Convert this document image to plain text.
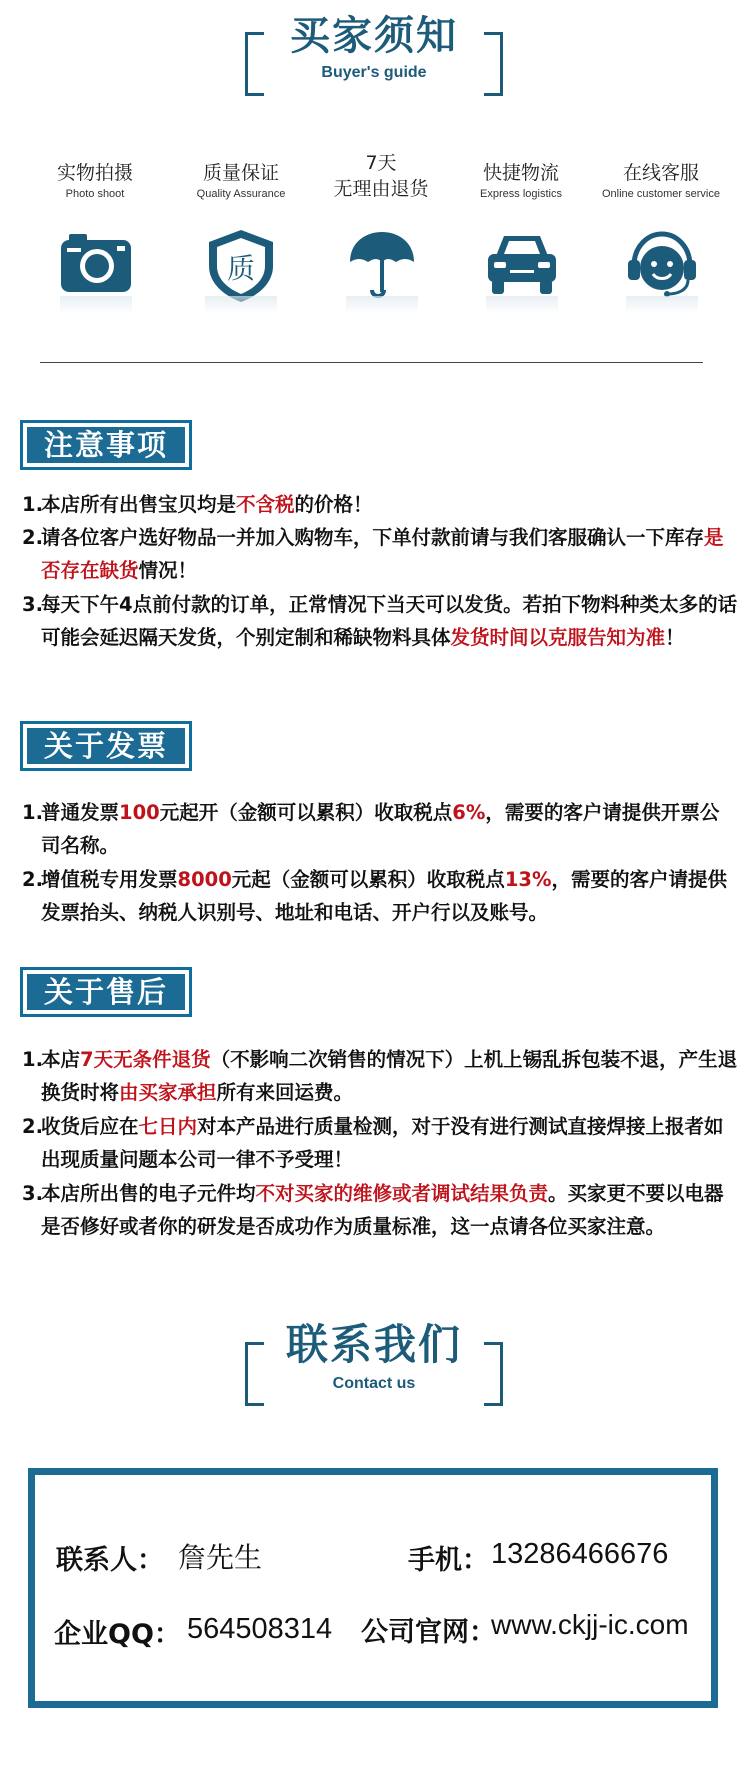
买家须知
Buyer's guide
实物拍摄
Photo shoot
质量保证
Quality Assurance
7天
无理由退货
快捷物流
Express logistics
在线客服
Online customer service
质
注意事项
1.
本店所有出售宝贝均是不含税的价格！
2.
请各位客户选好物品一并加入购物车，下单付款前请与我们客服确认一下库存是否存在缺货情况！
3.
每天下午4点前付款的订单，正常情况下当天可以发货。若拍下物料种类太多的话可能会延迟隔天发货，个别定制和稀缺物料具体发货时间以克服告知为准！
关于发票
1.
普通发票100元起开（金额可以累积）收取税点6%，需要的客户请提供开票公司名称。
2.
增值税专用发票8000元起（金额可以累积）收取税点13%，需要的客户请提供发票抬头、纳税人识别号、地址和电话、开户行以及账号。
关于售后
1.
本店7天无条件退货（不影响二次销售的情况下）上机上锡乱拆包装不退，产生退换货时将由买家承担所有来回运费。
2.
收货后应在七日内对本产品进行质量检测，对于没有进行测试直接焊接上报者如出现质量问题本公司一律不予受理！
3.
本店所出售的电子元件均不对买家的维修或者调试结果负责。买家更不要以电器是否修好或者你的研发是否成功作为质量标准，这一点请各位买家注意。
联系我们
Contact us
联系人： 詹先生	手机： 13286466676
企业QQ： 564508314 公司官网：
www.ckjj-ic.com
